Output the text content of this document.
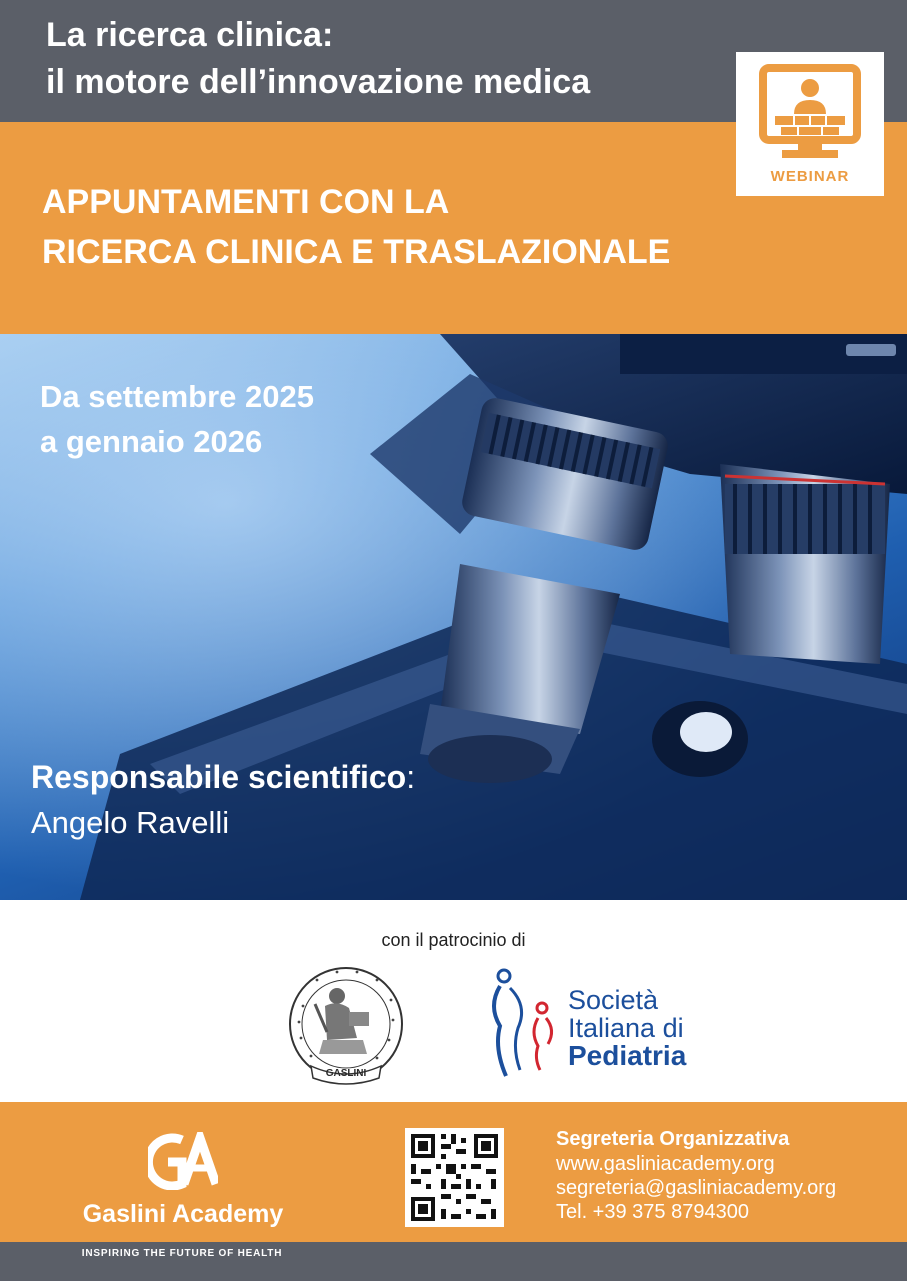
La ricerca clinica:
il motore dell’innovazione medica
APPUNTAMENTI CON LA
RICERCA CLINICA E TRASLAZIONALE
WEBINAR
Da settembre 2025
a gennaio 2026
Responsabile scientifico:
Angelo Ravelli
con il patrocinio di
GASLINI
Società
Italiana di
Pediatria
Gaslini Academy
Segreteria Organizzativa
www.gasliniacademy.org
segreteria@gasliniacademy.org
Tel. +39 375 8794300
INSPIRING THE FUTURE OF HEALTH
